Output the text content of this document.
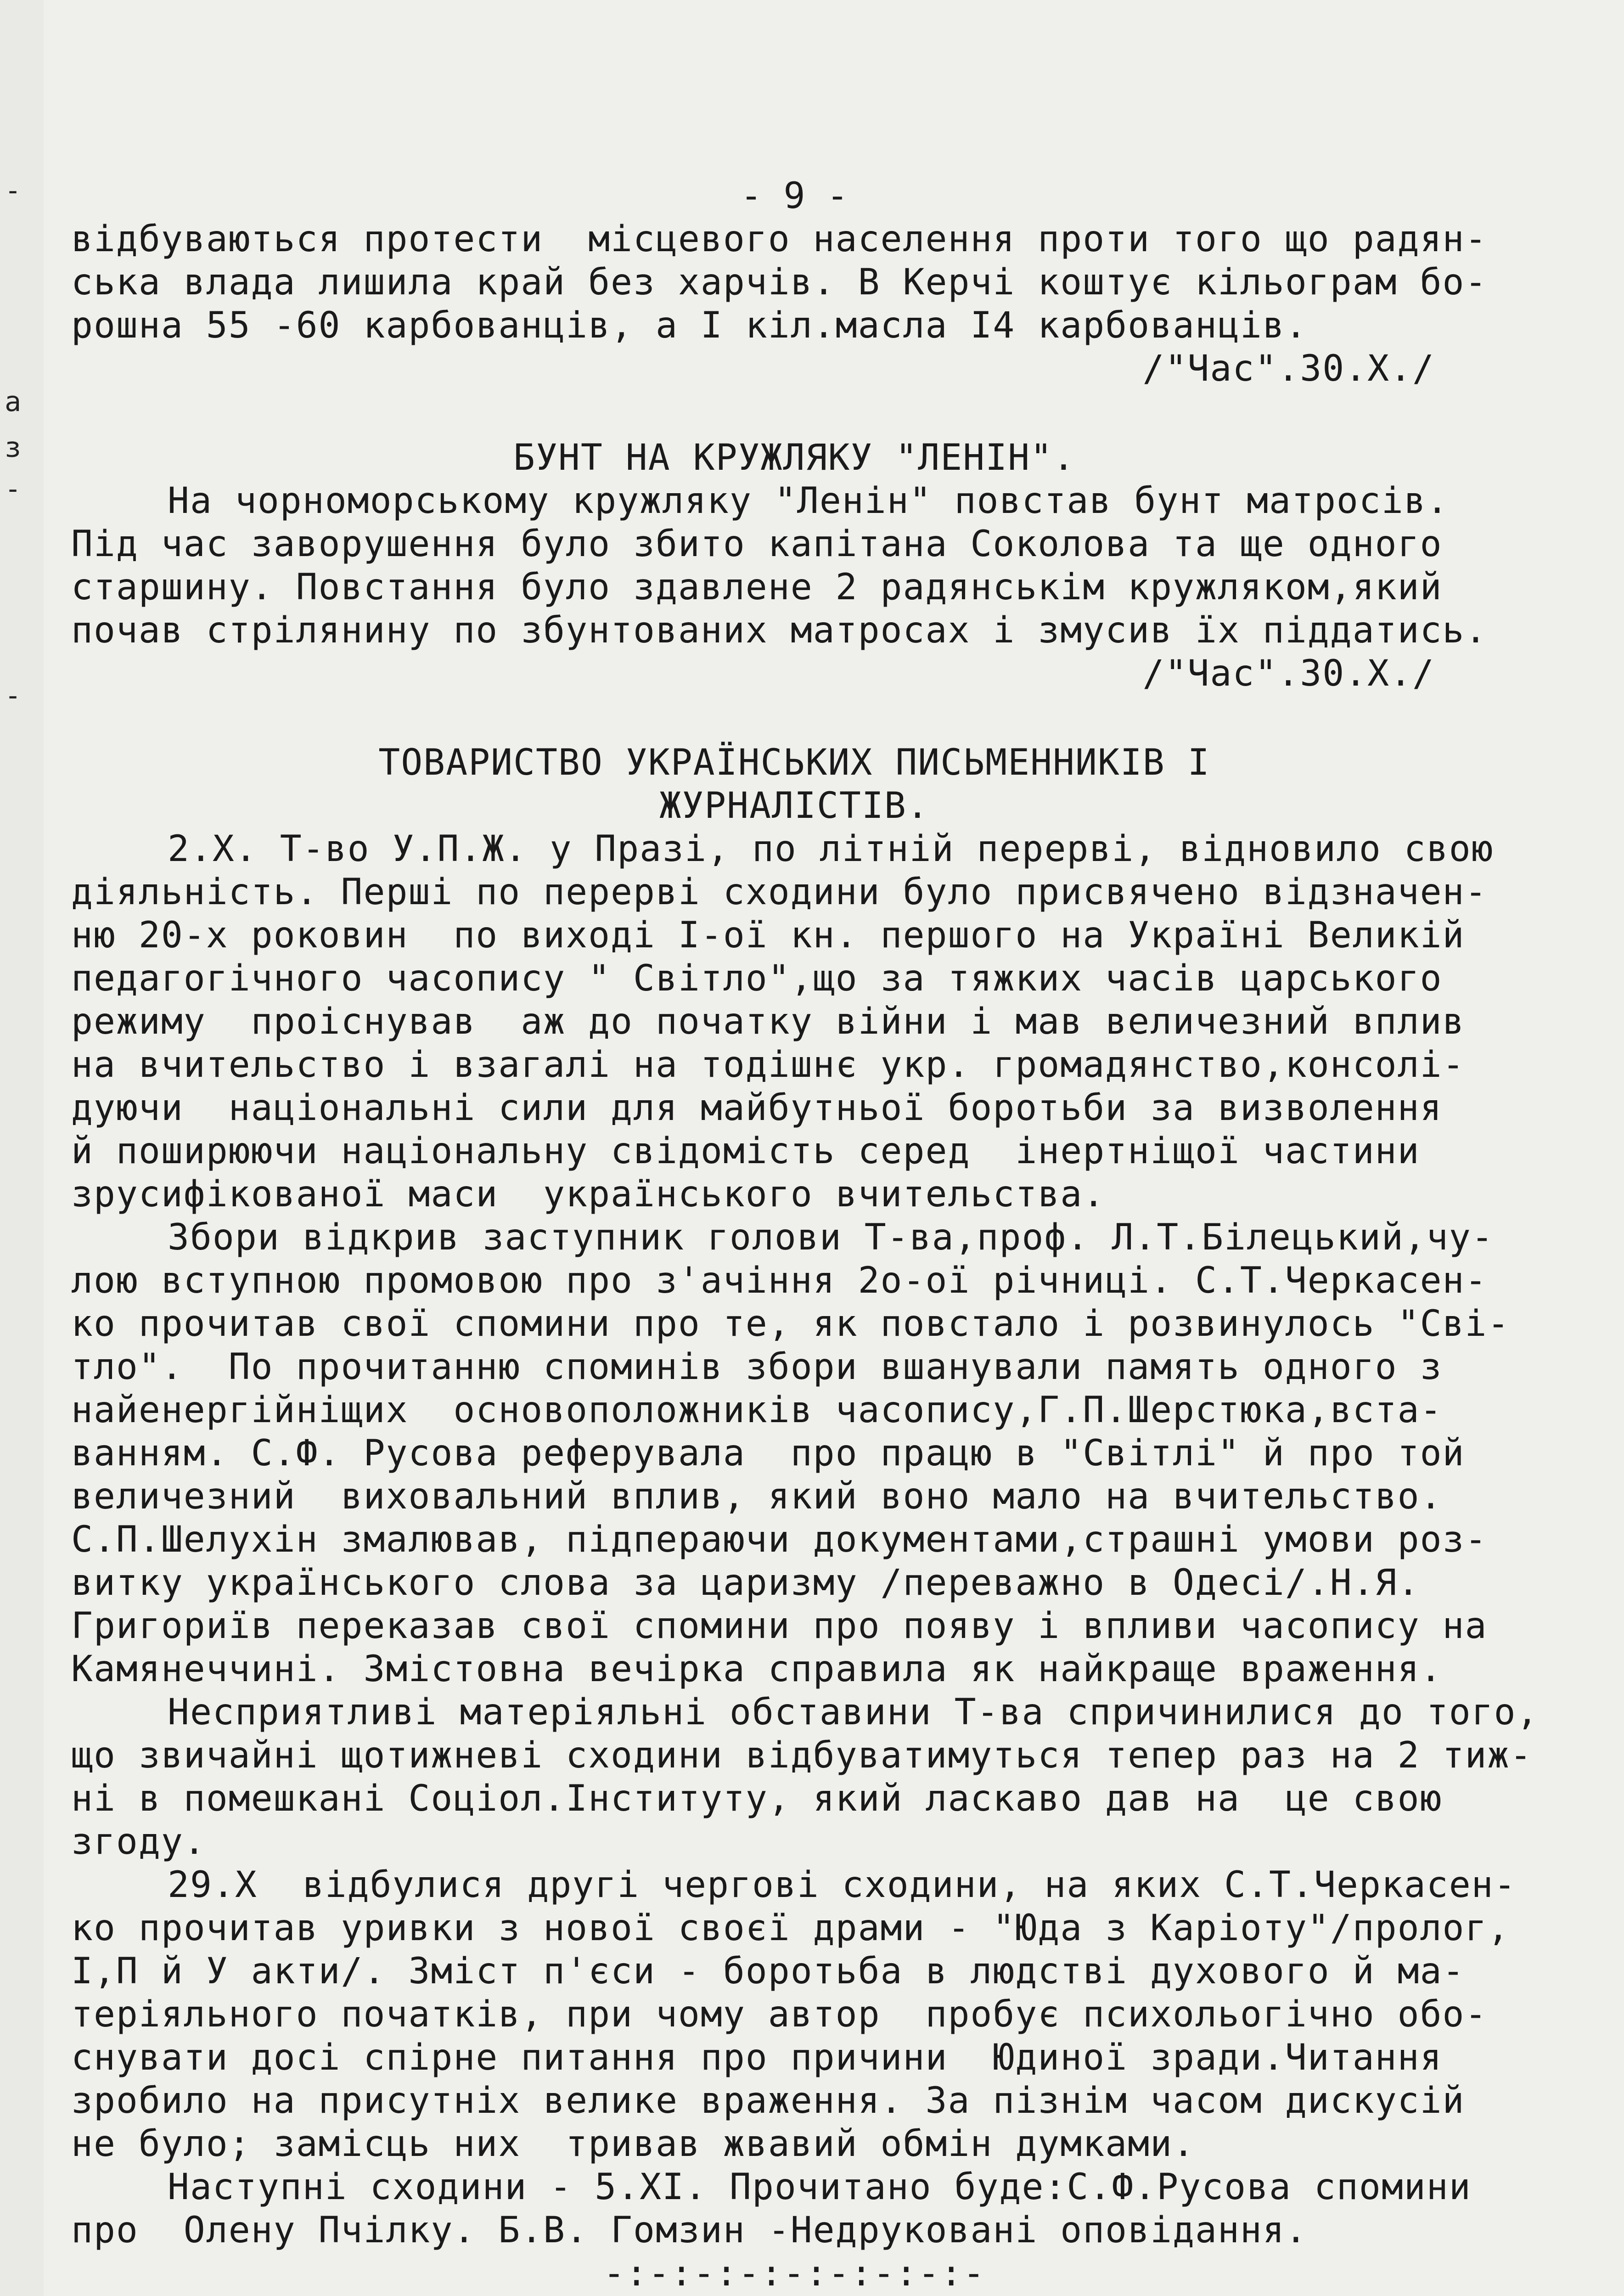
-
а
з
-
-
- 9 -
відбуваються протести  місцевого населення проти того що радян-
ська влада лишила край без харчів. В Керчі коштує кільограм бо-
рошна 55 -60 карбованців, а І кіл.масла І4 карбованців.
/"Час".30.Х./
БУНТ НА КРУЖЛЯКУ "ЛЕНІН".
На чорноморському кружляку "Ленін" повстав бунт матросів.
Під час заворушення було збито капітана Соколова та ще одного
старшину. Повстання було здавлене 2 радянськім кружляком,який
почав стрілянину по збунтованих матросах і змусив їх піддатись.
/"Час".30.Х./
ТОВАРИСТВО УКРАЇНСЬКИХ ПИСЬМЕННИКІВ І
ЖУРНАЛІСТІВ.
2.Х. Т-во У.П.Ж. у Празі, по літній перерві, відновило свою
діяльність. Перші по перерві сходини було присвячено відзначен-
ню 20-х роковин  по виході І-ої кн. першого на Україні Великій
педагогічного часопису " Світло",що за тяжких часів царського
режиму  проіснував  аж до початку війни і мав величезний вплив
на вчительство і взагалі на тодішнє укр. громадянство,консолі-
дуючи  національні сили для майбутньої боротьби за визволення
й поширюючи національну свідомість серед  інертніщої частини
зрусифікованої маси  українського вчительства.
Збори відкрив заступник голови Т-ва,проф. Л.Т.Білецький,чу-
лою вступною промовою про з'ачіння 2о-ої річниці. С.Т.Черкасен-
ко прочитав свої спомини про те, як повстало і розвинулось "Сві-
тло".  По прочитанню споминів збори вшанували память одного з
найенергійніщих  основоположників часопису,Г.П.Шерстюка,вста-
ванням. С.Ф. Русова реферувала  про працю в "Світлі" й про той
величезний  виховальний вплив, який воно мало на вчительство.
С.П.Шелухін змалював, підпераючи документами,страшні умови роз-
витку українського слова за царизму /переважно в Одесі/.Н.Я.
Григориїв переказав свої спомини про появу і впливи часопису на
Камянеччині. Змістовна вечірка справила як найкраще враження.
Несприятливі матеріяльні обставини Т-ва спричинилися до того,
що звичайні щотижневі сходини відбуватимуться тепер раз на 2 тиж-
ні в помешкані Соціол.Інституту, який ласкаво дав на  це свою
згоду.
29.Х  відбулися другі чергові сходини, на яких С.Т.Черкасен-
ко прочитав уривки з нової своєї драми - "Юда з Каріоту"/пролог,
І,П й У акти/. Зміст п'єси - боротьба в людстві духового й ма-
теріяльного початків, при чому автор  пробує психольогічно обо-
снувати досі спірне питання про причини  Юдиної зради.Читання
зробило на присутніх велике враження. За пізнім часом дискусій
не було; замісць них  тривав жвавий обмін думками.
Наступні сходини - 5.ХІ. Прочитано буде:С.Ф.Русова спомини
про  Олену Пчілку. Б.В. Гомзин -Недруковані оповідання.
-:-:-:-:-:-:-:-:-
